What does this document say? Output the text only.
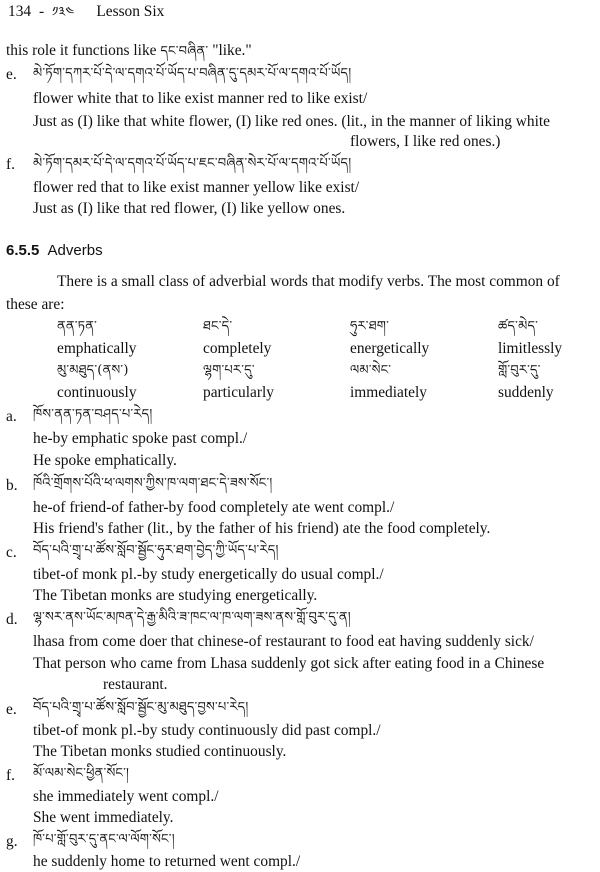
134 - ༡༣༤ Lesson Six
this role it functions like དང་བཞིན་ "like."
e. མེ་ཏོག་དཀར་པོ་དེ་ལ་དགའ་པོ་ཡོད་པ་བཞིན་དུ་དམར་པོ་ལ་དགའ་པོ་ཡོད།
flower white that to like exist manner red to like exist/
Just as (I) like that white flower, (I) like red ones. (lit., in the manner of liking white
flowers, I like red ones.)
f. མེ་ཏོག་དམར་པོ་དེ་ལ་དགའ་པོ་ཡོད་པ་ཇང་བཞིན་སེར་པོ་ལ་དགའ་པོ་ཡོད།
flower red that to like exist manner yellow like exist/
Just as (I) like that red flower, (I) like yellow ones.
6.5.5 Adverbs
There is a small class of adverbial words that modify verbs. The most common of
these are:
ནན་ཏན་	ཐང་དེ་	ཧུར་ཐག་	ཚད་མེད་
emphatically	completely	energetically	limitlessly
མུ་མཐུད་(ནས་)	ལྷག་པར་དུ་	ལམ་སེང་	གློ་བུར་དུ་
continuously	particularly	immediately	suddenly
a. ཁོས་ནན་ཏན་བཤད་པ་རེད།
he-by emphatic spoke past compl./
He spoke emphatically.
b. ཁོའི་གྲོགས་པོའི་ཕ་ལགས་ཀྱིས་ཁ་ལག་ཐང་དེ་ཟས་སོང་།
he-of friend-of father-by food completely ate went compl./
His friend's father (lit., by the father of his friend) ate the food completely.
c. བོད་པའི་གྲྭ་པ་ཚོས་སློབ་སྦྱོང་ཧུར་ཐག་བྱེད་ཀྱི་ཡོད་པ་རེད།
tibet-of monk pl.-by study energetically do usual compl./
The Tibetan monks are studying energetically.
d. ལྷ་སར་ནས་ཡོང་མཁན་དེ་རྒྱ་མིའི་ཟ་ཁང་ལ་ཁ་ལག་ཟས་ནས་གློ་བུར་དུ་ན།
lhasa from come doer that chinese-of restaurant to food eat having suddenly sick/
That person who came from Lhasa suddenly got sick after eating food in a Chinese
restaurant.
e. བོད་པའི་གྲྭ་པ་ཚོས་སློབ་སྦྱོང་མུ་མཐུད་བྱས་པ་རེད།
tibet-of monk pl.-by study continuously did past compl./
The Tibetan monks studied continuously.
f. མོ་ལམ་སེང་ཕྱིན་སོང་།
she immediately went compl./
She went immediately.
g. ཁོ་པ་གློ་བུར་དུ་ནང་ལ་ལོག་སོང་།
he suddenly home to returned went compl./
